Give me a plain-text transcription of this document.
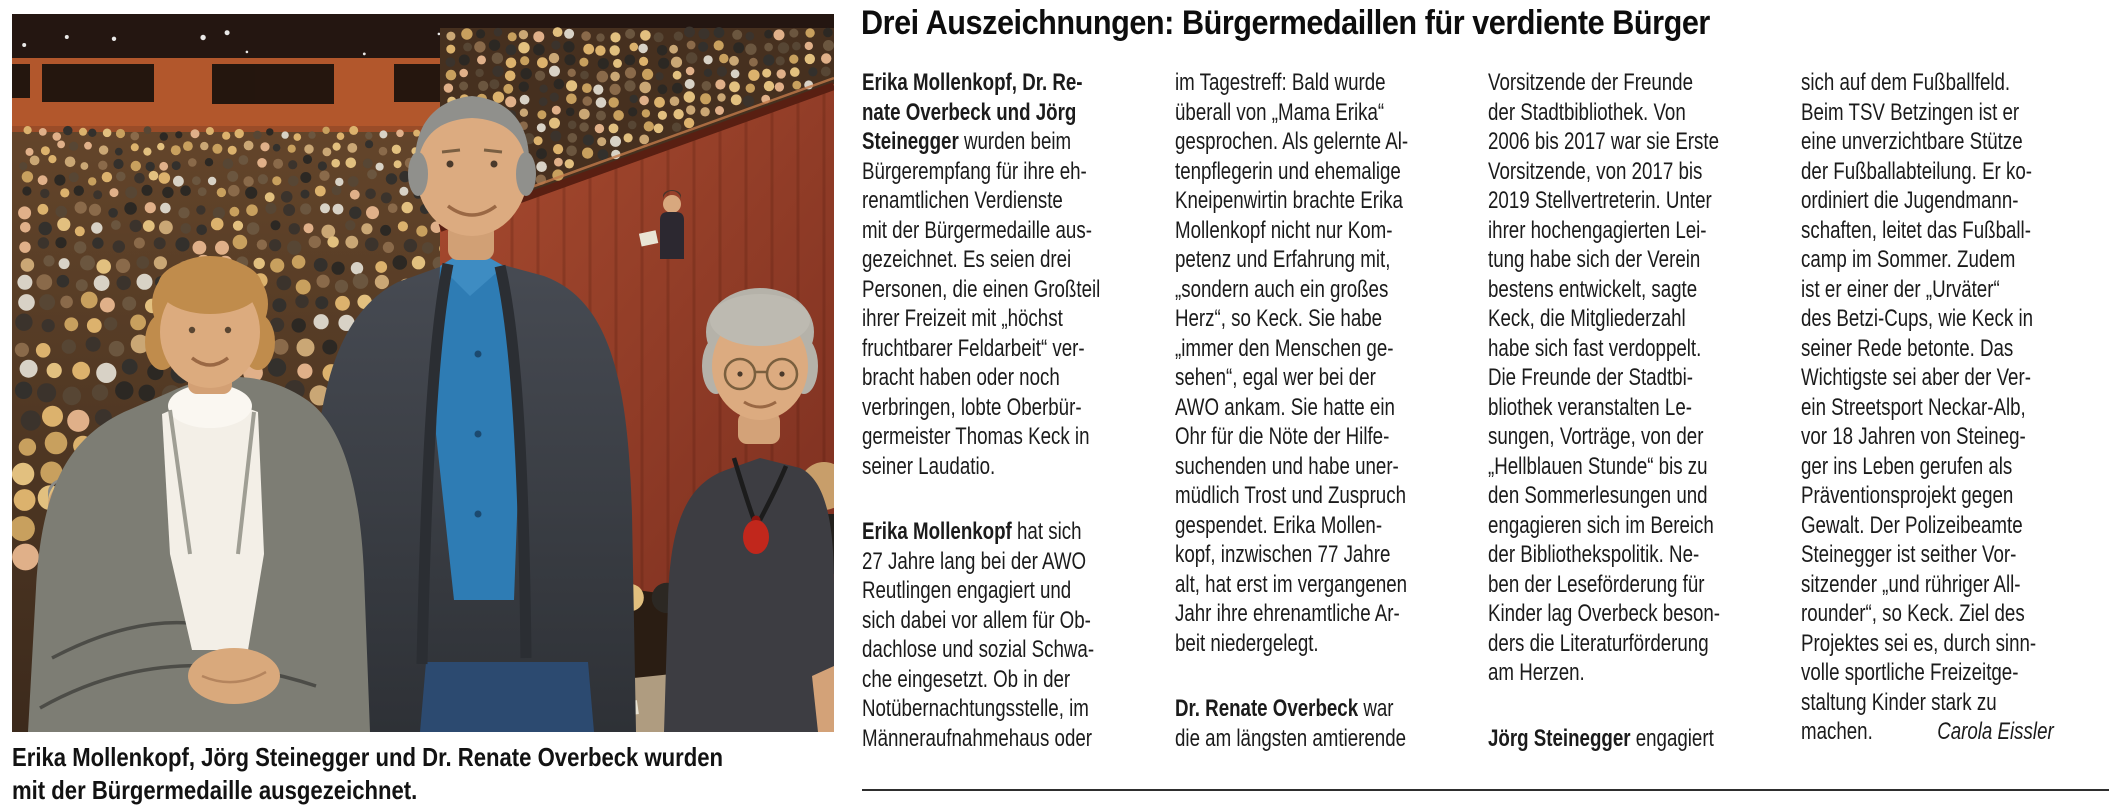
Erika Mollenkopf, Jörg Steinegger und Dr. Renate Overbeck wurden
mit der Bürgermedaille ausgezeichnet.
Drei Auszeichnungen: Bürgermedaillen für verdiente Bürger
Erika Mollenkopf, Dr. Re-
nate Overbeck und Jörg
Steinegger wurden beim
Bürgerempfang für ihre eh-
renamtlichen Verdienste
mit der Bürgermedaille aus-
gezeichnet. Es seien drei
Personen, die einen Großteil
ihrer Freizeit mit „höchst
fruchtbarer Feldarbeit“ ver-
bracht haben oder noch
verbringen, lobte Oberbür-
germeister Thomas Keck in
seiner Laudatio.
Erika Mollenkopf hat sich
27 Jahre lang bei der AWO
Reutlingen engagiert und
sich dabei vor allem für Ob-
dachlose und sozial Schwa-
che eingesetzt. Ob in der
Notübernachtungsstelle, im
Männeraufnahmehaus oder
im Tagestreff: Bald wurde
überall von „Mama Erika“
gesprochen. Als gelernte Al-
tenpflegerin und ehemalige
Kneipenwirtin brachte Erika
Mollenkopf nicht nur Kom-
petenz und Erfahrung mit,
„sondern auch ein großes
Herz“, so Keck. Sie habe
„immer den Menschen ge-
sehen“, egal wer bei der
AWO ankam. Sie hatte ein
Ohr für die Nöte der Hilfe-
suchenden und habe uner-
müdlich Trost und Zuspruch
gespendet. Erika Mollen-
kopf, inzwischen 77 Jahre
alt, hat erst im vergangenen
Jahr ihre ehrenamtliche Ar-
beit niedergelegt.
Dr. Renate Overbeck war
die am längsten amtierende
Vorsitzende der Freunde
der Stadtbibliothek. Von
2006 bis 2017 war sie Erste
Vorsitzende, von 2017 bis
2019 Stellvertreterin. Unter
ihrer hochengagierten Lei-
tung habe sich der Verein
bestens entwickelt, sagte
Keck, die Mitgliederzahl
habe sich fast verdoppelt.
Die Freunde der Stadtbi-
bliothek veranstalten Le-
sungen, Vorträge, von der
„Hellblauen Stunde“ bis zu
den Sommerlesungen und
engagieren sich im Bereich
der Bibliothekspolitik. Ne-
ben der Leseförderung für
Kinder lag Overbeck beson-
ders die Literaturförderung
am Herzen.
Jörg Steinegger engagiert
sich auf dem Fußballfeld.
Beim TSV Betzingen ist er
eine unverzichtbare Stütze
der Fußballabteilung. Er ko-
ordiniert die Jugendmann-
schaften, leitet das Fußball-
camp im Sommer. Zudem
ist er einer der „Urväter“
des Betzi-Cups, wie Keck in
seiner Rede betonte. Das
Wichtigste sei aber der Ver-
ein Streetsport Neckar-Alb,
vor 18 Jahren von Steineg-
ger ins Leben gerufen als
Präventionsprojekt gegen
Gewalt. Der Polizeibeamte
Steinegger ist seither Vor-
sitzender „und rühriger All-
rounder“, so Keck. Ziel des
Projektes sei es, durch sinn-
volle sportliche Freizeitge-
staltung Kinder stark zu
machen.	Carola Eissler
